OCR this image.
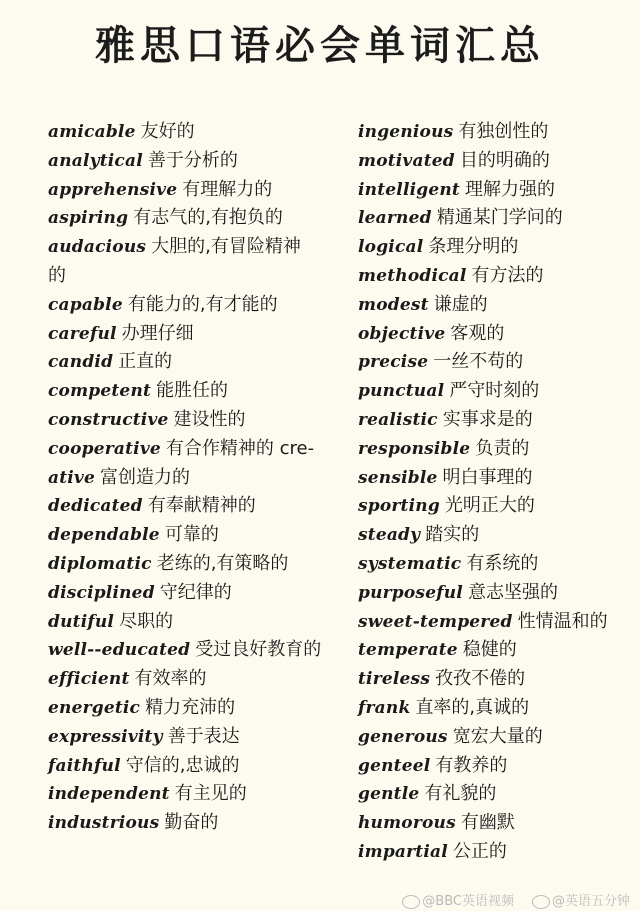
雅思口语必会单词汇总
amicable 友好的
analytical 善于分析的
apprehensive 有理解力的
aspiring 有志气的,有抱负的
audacious 大胆的,有冒险精神
的
capable 有能力的,有才能的
careful 办理仔细
candid 正直的
competent 能胜任的
constructive 建设性的
cooperative 有合作精神的 cre-
ative 富创造力的
dedicated 有奉献精神的
dependable 可靠的
diplomatic 老练的,有策略的
disciplined 守纪律的
dutiful 尽职的
well--educated 受过良好教育的
efficient 有效率的
energetic 精力充沛的
expressivity 善于表达
faithful 守信的,忠诚的
independent 有主见的
industrious 勤奋的
ingenious 有独创性的
motivated 目的明确的
intelligent 理解力强的
learned 精通某门学问的
logical 条理分明的
methodical 有方法的
modest 谦虚的
objective 客观的
precise 一丝不苟的
punctual 严守时刻的
realistic 实事求是的
responsible 负责的
sensible 明白事理的
sporting 光明正大的
steady 踏实的
systematic 有系统的
purposeful 意志坚强的
sweet-tempered 性情温和的
temperate 稳健的
tireless 孜孜不倦的
frank 直率的,真诚的
generous 宽宏大量的
genteel 有教养的
gentle 有礼貌的
humorous 有幽默
impartial 公正的
@BBC英语视频	@英语五分钟
